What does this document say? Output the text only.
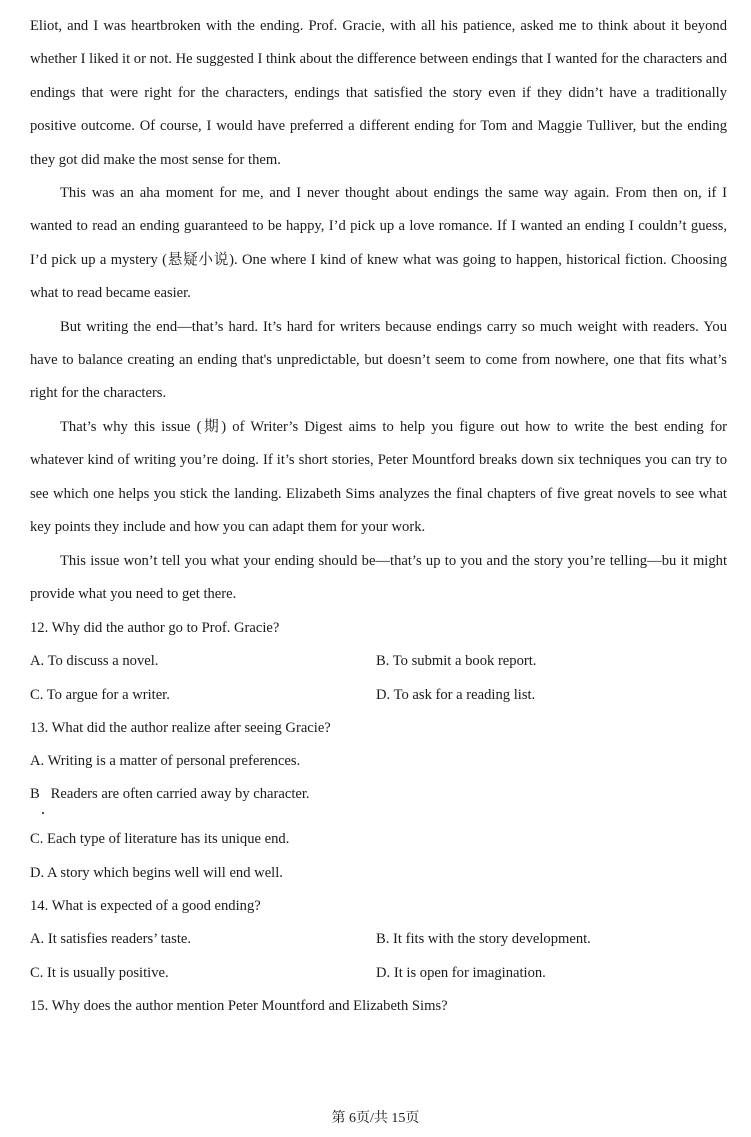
Eliot, and I was heartbroken with the ending. Prof. Gracie, with all his patience, asked me to think about it beyond whether I liked it or not. He suggested I think about the difference between endings that I wanted for the characters and endings that were right for the characters, endings that satisfied the story even if they didn’t have a traditionally positive outcome. Of course, I would have preferred a different ending for Tom and Maggie Tulliver, but the ending they got did make the most sense for them.

This was an aha moment for me, and I never thought about endings the same way again. From then on, if I wanted to read an ending guaranteed to be happy, I’d pick up a love romance. If I wanted an ending I couldn’t guess, I’d pick up a mystery (悬疑小说). One where I kind of knew what was going to happen, historical fiction. Choosing what to read became easier.

But writing the end—that’s hard. It’s hard for writers because endings carry so much weight with readers. You have to balance creating an ending that's unpredictable, but doesn’t seem to come from nowhere, one that fits what’s right for the characters.

That’s why this issue (期) of Writer’s Digest aims to help you figure out how to write the best ending for whatever kind of writing you’re doing. If it’s short stories, Peter Mountford breaks down six techniques you can try to see which one helps you stick the landing. Elizabeth Sims analyzes the final chapters of five great novels to see what key points they include and how you can adapt them for your work.

This issue won’t tell you what your ending should be—that’s up to you and the story you’re telling—bu it might provide what you need to get there.

12. Why did the author go to Prof. Gracie?
A. To discuss a novel.	B. To submit a book report.
C. To argue for a writer.	D. To ask for a reading list.
13. What did the author realize after seeing Gracie?
A. Writing is a matter of personal preferences.
B   Readers are often carried away by character.
C. Each type of literature has its unique end.
D. A story which begins well will end well.
14. What is expected of a good ending?
A. It satisfies readers’ taste.	B. It fits with the story development.
C. It is usually positive.	D. It is open for imagination.
15. Why does the author mention Peter Mountford and Elizabeth Sims?
第 6页/共 15页
